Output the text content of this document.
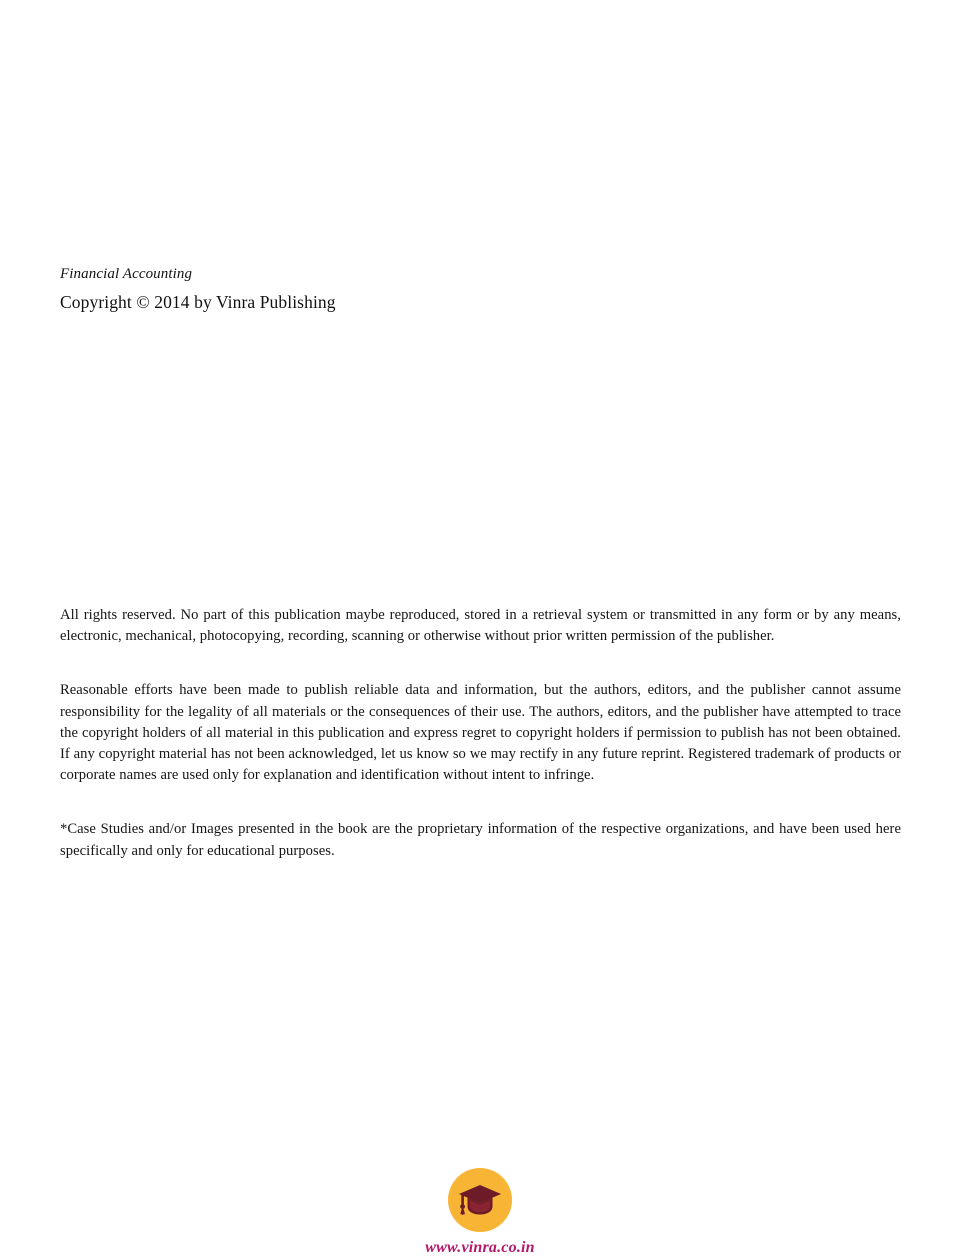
Financial Accounting
Copyright © 2014 by Vinra Publishing

All rights reserved. No part of this publication maybe reproduced, stored in a retrieval system or transmitted in any form or by any means, electronic, mechanical, photocopying, recording, scanning or otherwise without prior written permission of the publisher.

Reasonable efforts have been made to publish reliable data and information, but the authors, editors, and the publisher cannot assume responsibility for the legality of all materials or the consequences of their use. The authors, editors, and the publisher have attempted to trace the copyright holders of all material in this publication and express regret to copyright holders if permission to publish has not been obtained. If any copyright material has not been acknowledged, let us know so we may rectify in any future reprint. Registered trademark of products or corporate names are used only for explanation and identification without intent to infringe.

*Case Studies and/or Images presented in the book are the proprietary information of the respective organizations, and have been used here specifically and only for educational purposes.

www.vinra.co.in
